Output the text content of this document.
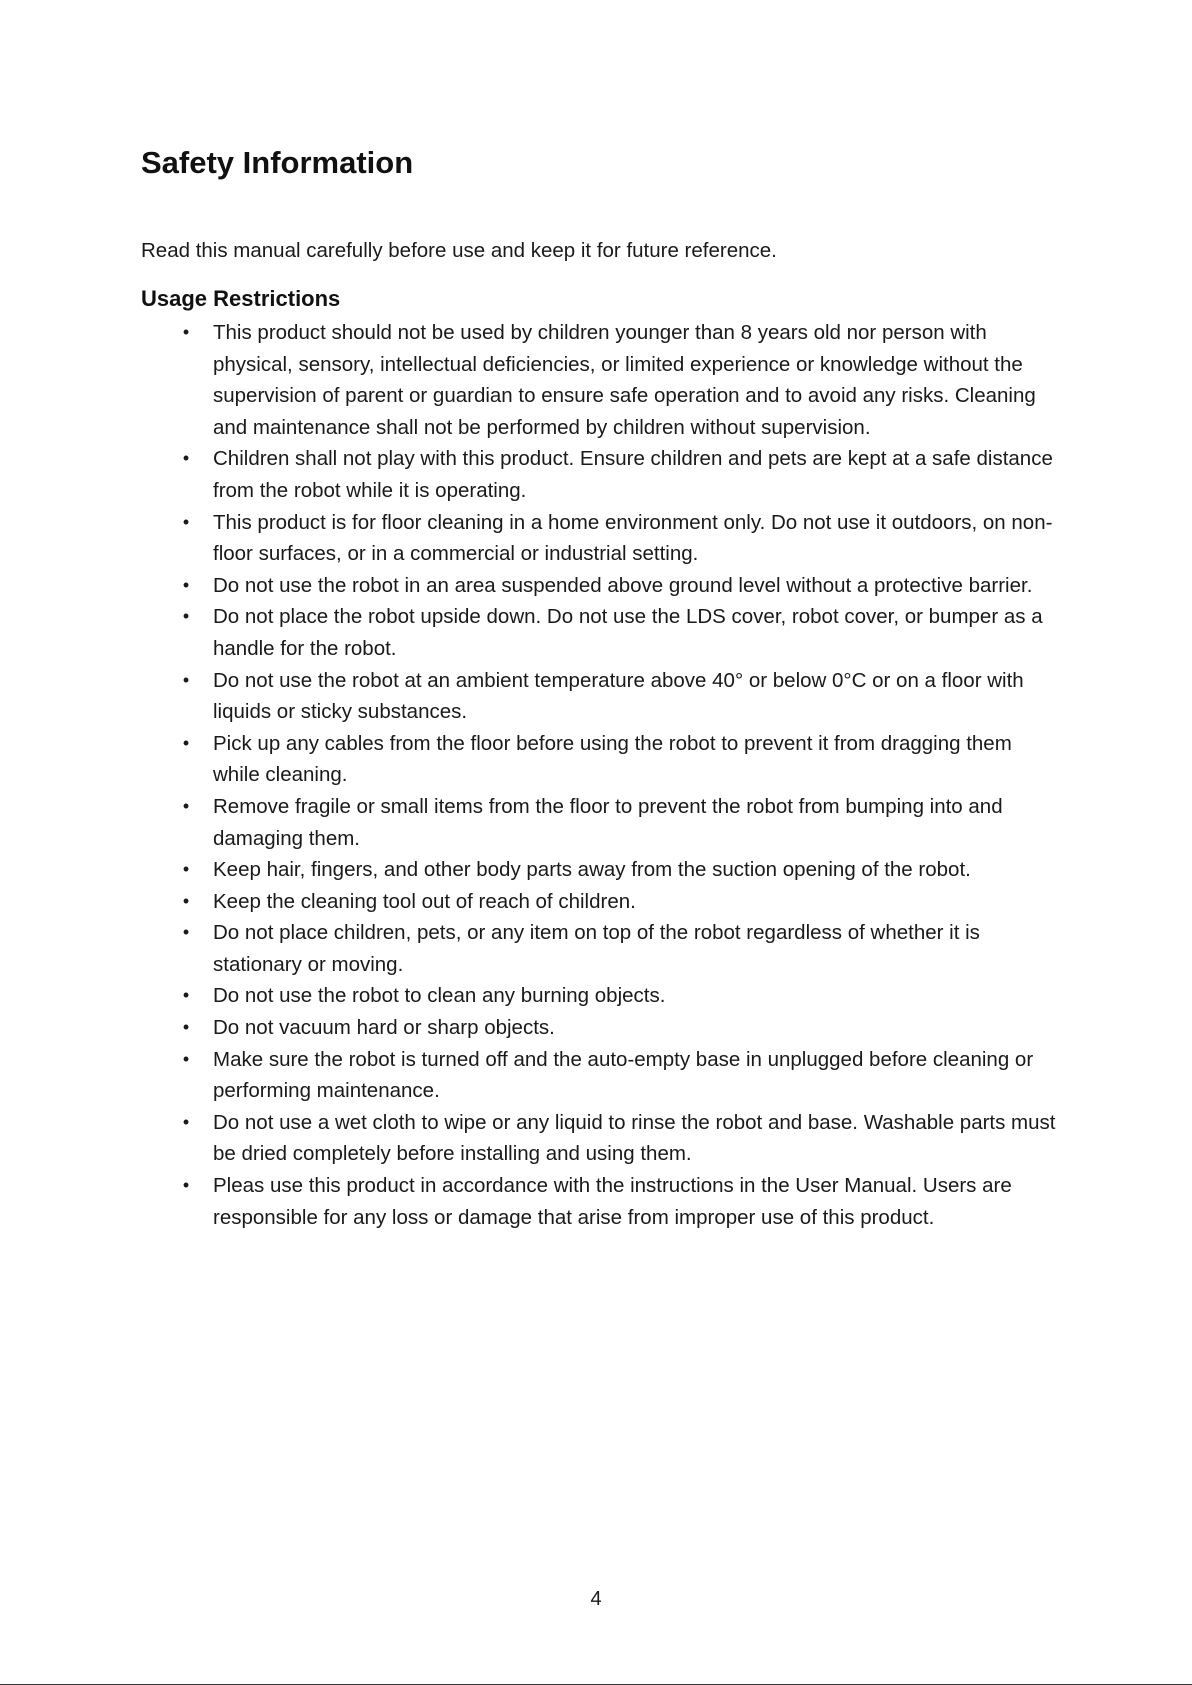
Safety Information

Read this manual carefully before use and keep it for future reference.

Usage Restrictions
• This product should not be used by children younger than 8 years old nor person with physical, sensory, intellectual deficiencies, or limited experience or knowledge without the supervision of parent or guardian to ensure safe operation and to avoid any risks. Cleaning and maintenance shall not be performed by children without supervision.
• Children shall not play with this product. Ensure children and pets are kept at a safe distance from the robot while it is operating.
• This product is for floor cleaning in a home environment only. Do not use it outdoors, on non-floor surfaces, or in a commercial or industrial setting.
• Do not use the robot in an area suspended above ground level without a protective barrier.
• Do not place the robot upside down. Do not use the LDS cover, robot cover, or bumper as a handle for the robot.
• Do not use the robot at an ambient temperature above 40° or below 0°C or on a floor with liquids or sticky substances.
• Pick up any cables from the floor before using the robot to prevent it from dragging them while cleaning.
• Remove fragile or small items from the floor to prevent the robot from bumping into and damaging them.
• Keep hair, fingers, and other body parts away from the suction opening of the robot.
• Keep the cleaning tool out of reach of children.
• Do not place children, pets, or any item on top of the robot regardless of whether it is stationary or moving.
• Do not use the robot to clean any burning objects.
• Do not vacuum hard or sharp objects.
• Make sure the robot is turned off and the auto-empty base in unplugged before cleaning or performing maintenance.
• Do not use a wet cloth to wipe or any liquid to rinse the robot and base. Washable parts must be dried completely before installing and using them.
• Pleas use this product in accordance with the instructions in the User Manual. Users are responsible for any loss or damage that arise from improper use of this product.

4
